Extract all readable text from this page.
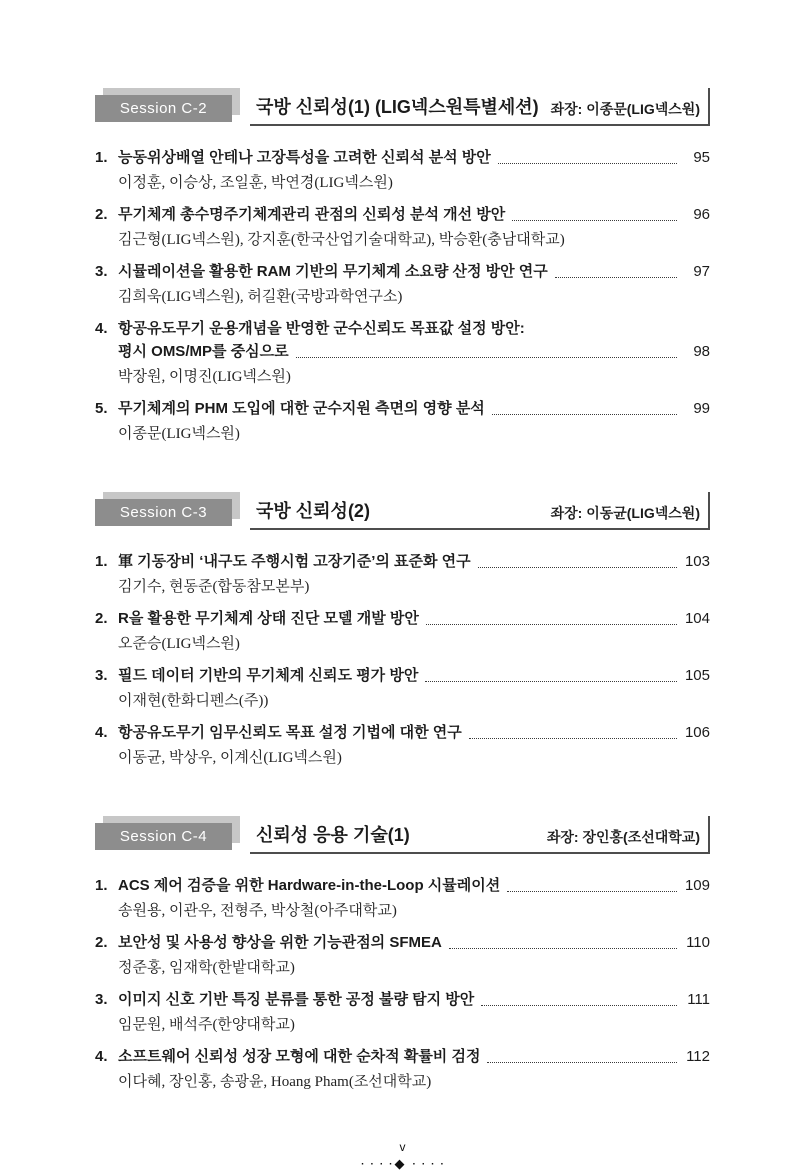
Session C-2	국방 신뢰성(1) (LIG넥스원특별세션) 좌장: 이종문(LIG넥스원)
1. 능동위상배열 안테나 고장특성을 고려한 신뢰석 분석 방안	95
이정훈, 이승상, 조일훈, 박연경(LIG넥스원)
2. 무기체계 총수명주기체계관리 관점의 신뢰성 분석 개선 방안	96
김근형(LIG넥스원), 강지훈(한국산업기술대학교), 박승환(충남대학교)
3. 시뮬레이션을 활용한 RAM 기반의 무기체계 소요량 산정 방안 연구	97
김희욱(LIG넥스원), 허길환(국방과학연구소)
4. 항공유도무기 운용개념을 반영한 군수신뢰도 목표값 설정 방안:
평시 OMS/MP를 중심으로	98
박장원, 이명진(LIG넥스원)
5. 무기체계의 PHM 도입에 대한 군수지원 측면의 영향 분석	99
이종문(LIG넥스원)
Session C-3	국방 신뢰성(2)	좌장: 이동균(LIG넥스원)
1. 軍 기동장비 ‘내구도 주행시험 고장기준’의 표준화 연구	103
김기수, 현동준(합동참모본부)
2. R을 활용한 무기체계 상태 진단 모델 개발 방안	104
오준승(LIG넥스원)
3. 필드 데이터 기반의 무기체계 신뢰도 평가 방안	105
이재현(한화디펜스(주))
4. 항공유도무기 임무신뢰도 목표 설정 기법에 대한 연구	106
이동균, 박상우, 이계신(LIG넥스원)
Session C-4	신뢰성 응용 기술(1)	좌장: 장인홍(조선대학교)
1. ACS 제어 검증을 위한 Hardware-in-the-Loop 시뮬레이션	109
송원용, 이관우, 전형주, 박상철(아주대학교)
2. 보안성 및 사용성 향상을 위한 기능관점의 SFMEA	110
정준홍, 임재학(한밭대학교)
3. 이미지 신호 기반 특징 분류를 통한 공정 불량 탐지 방안	111
임문원, 배석주(한양대학교)
4. 소프트웨어 신뢰성 성장 모형에 대한 순차적 확률비 검정	112
이다혜, 장인홍, 송광윤, Hoang Pham(조선대학교)
v
····
◆ ····
